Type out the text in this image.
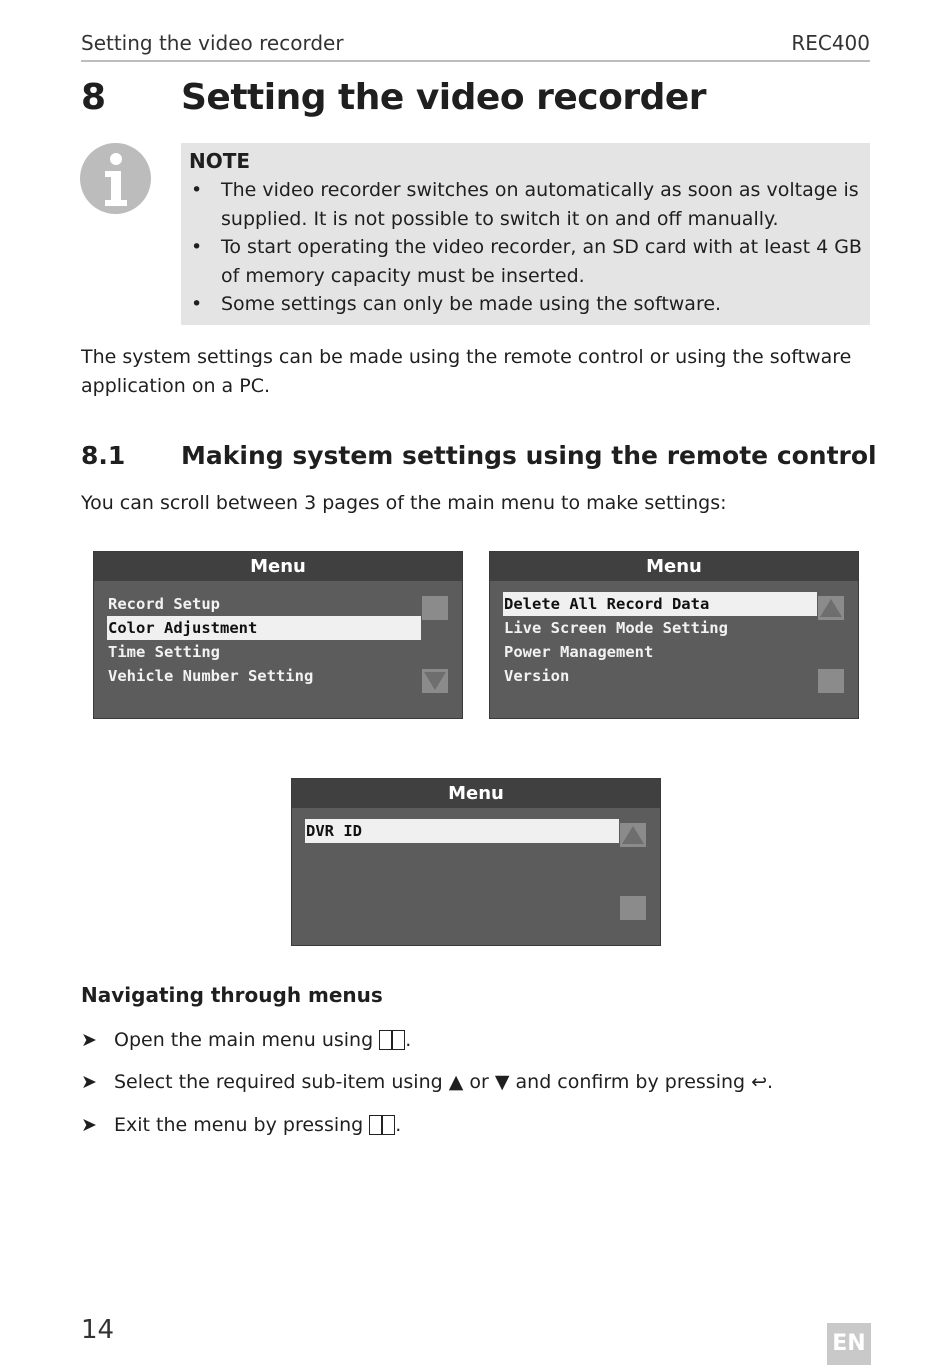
Setting the video recorder	REC400
8 Setting the video recorder
NOTE
• The video recorder switches on automatically as soon as voltage is supplied. It is not possible to switch it on and off manually.
• To start operating the video recorder, an SD card with at least 4 GB of memory capacity must be inserted.
• Some settings can only be made using the software.
The system settings can be made using the remote control or using the software application on a PC.
8.1 Making system settings using the remote control
You can scroll between 3 pages of the main menu to make settings:
Menu
Record Setup
Color Adjustment
Time Setting
Vehicle Number Setting
Menu
Delete All Record Data
Live Screen Mode Setting
Power Management
Version
Menu
DVR ID
Navigating through menus
➤ Open the main menu using .
➤ Select the required sub-item using ▲ or ▼ and confirm by pressing ↩.
➤ Exit the menu by pressing .
14	EN
